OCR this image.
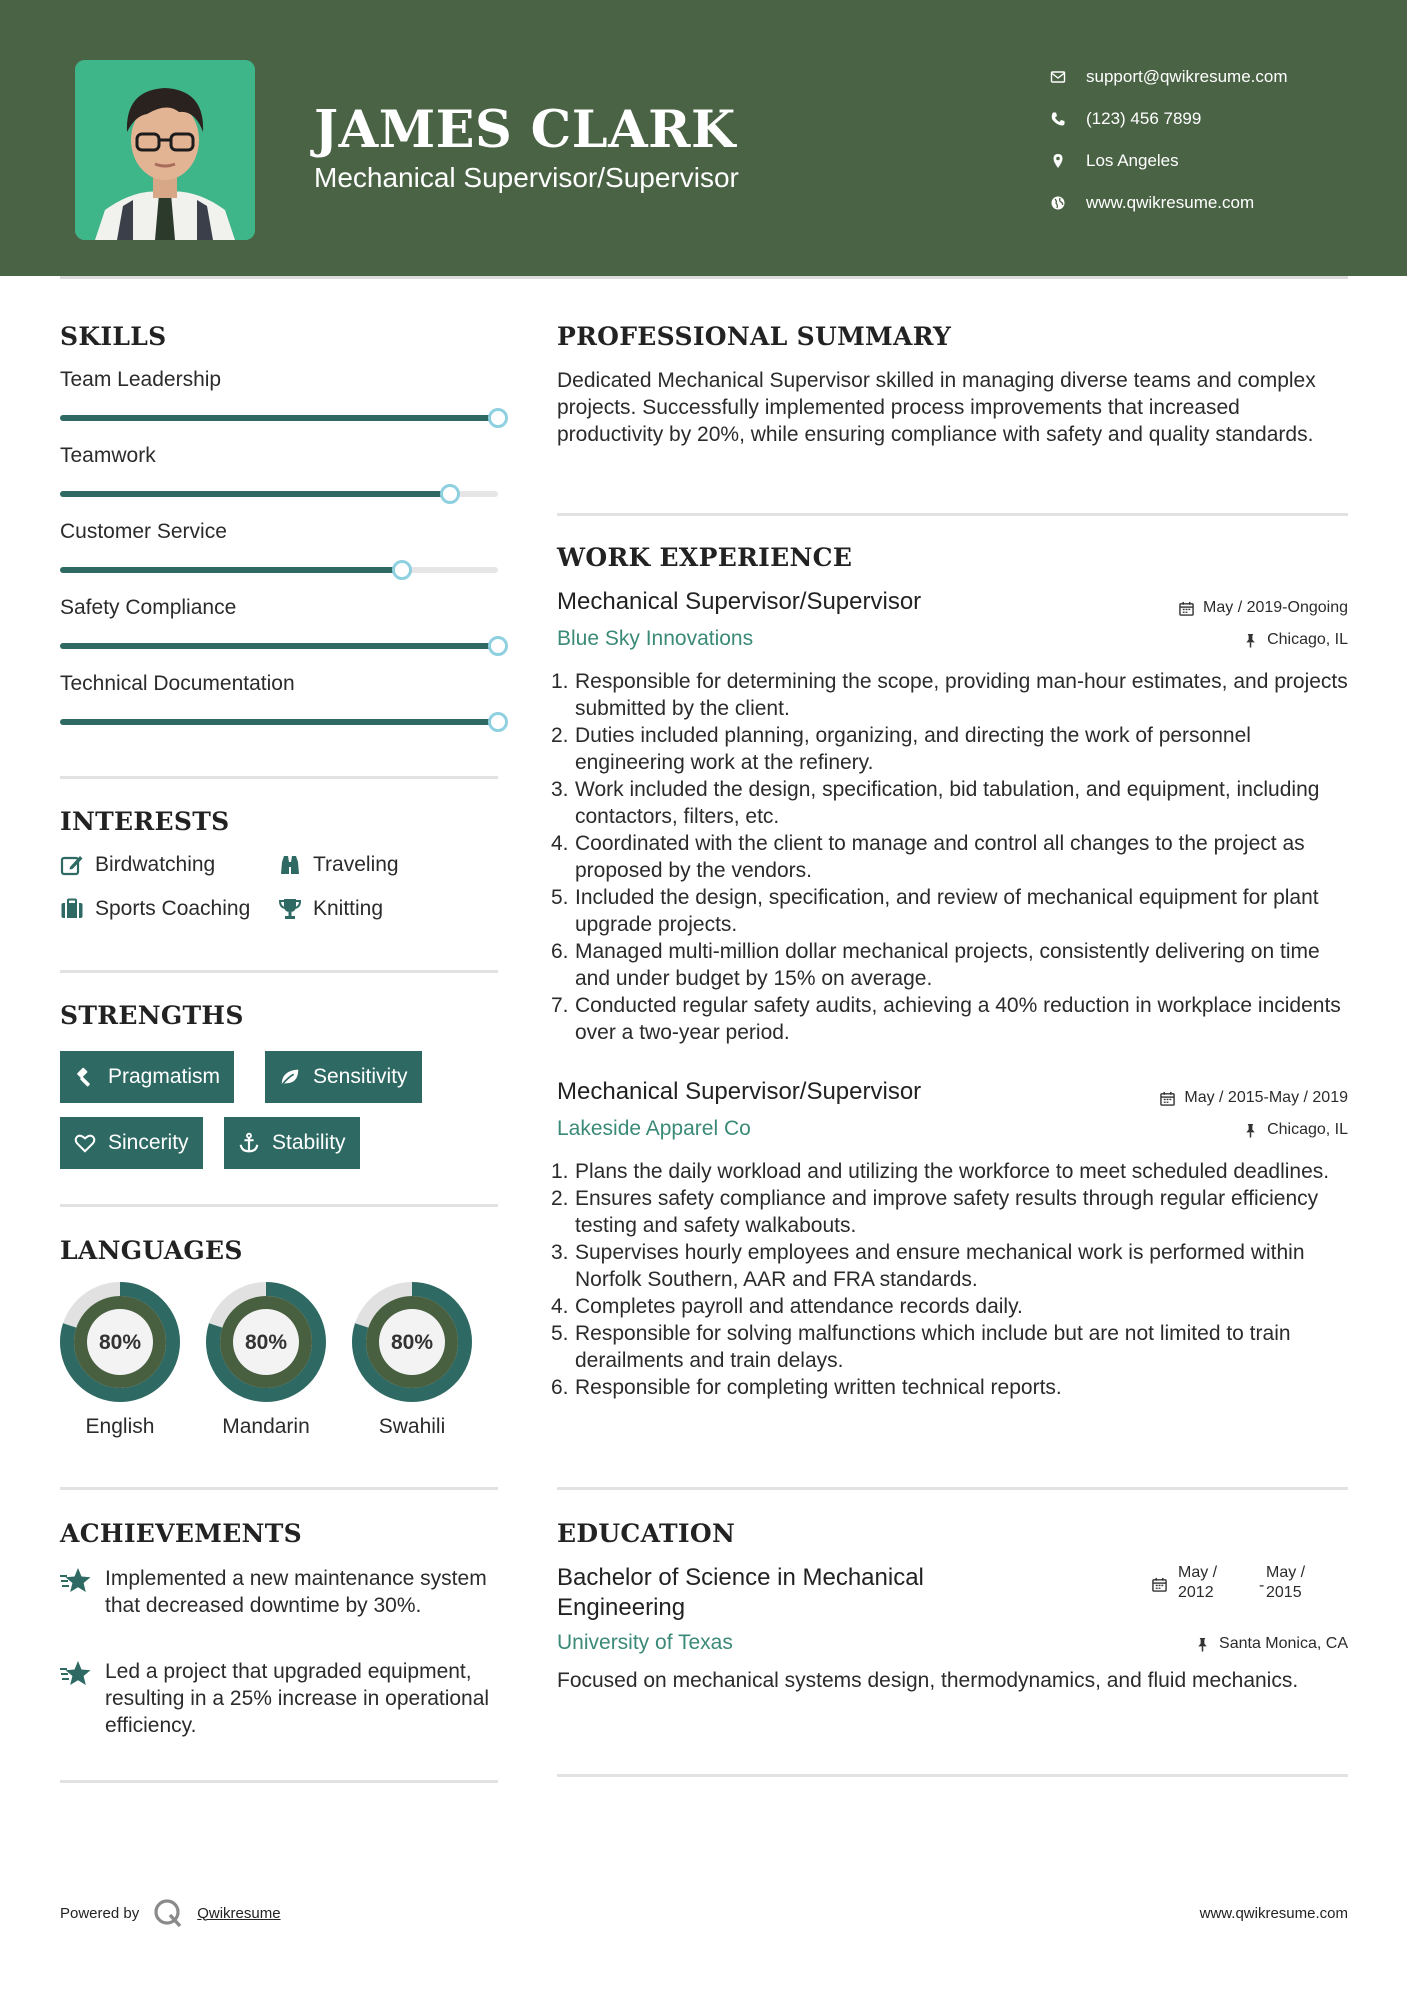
JAMES CLARK
Mechanical Supervisor/Supervisor
support@qwikresume.com
(123) 456 7899
Los Angeles
www.qwikresume.com
SKILLS
Team Leadership
Teamwork
Customer Service
Safety Compliance
Technical Documentation
INTERESTS
Birdwatching	Traveling
Sports Coaching	Knitting
STRENGTHS
Pragmatism	Sensitivity
Sincerity	Stability
LANGUAGES
80%
English
80%
Mandarin
80%
Swahili
ACHIEVEMENTS
Implemented a new maintenance system that decreased downtime by 30%.
Led a project that upgraded equipment, resulting in a 25% increase in operational efficiency.
PROFESSIONAL SUMMARY
Dedicated Mechanical Supervisor skilled in managing diverse teams and complex projects. Successfully implemented process improvements that increased productivity by 20%, while ensuring compliance with safety and quality standards.
WORK EXPERIENCE
Mechanical Supervisor/Supervisor	May / 2019-Ongoing
Blue Sky Innovations	Chicago, IL
1. Responsible for determining the scope, providing man-hour estimates, and projects submitted by the client.
2. Duties included planning, organizing, and directing the work of personnel engineering work at the refinery.
3. Work included the design, specification, bid tabulation, and equipment, including contactors, filters, etc.
4. Coordinated with the client to manage and control all changes to the project as proposed by the vendors.
5. Included the design, specification, and review of mechanical equipment for plant upgrade projects.
6. Managed multi-million dollar mechanical projects, consistently delivering on time and under budget by 15% on average.
7. Conducted regular safety audits, achieving a 40% reduction in workplace incidents over a two-year period.
Mechanical Supervisor/Supervisor	May / 2015-May / 2019
Lakeside Apparel Co	Chicago, IL
1. Plans the daily workload and utilizing the workforce to meet scheduled deadlines.
2. Ensures safety compliance and improve safety results through regular efficiency testing and safety walkabouts.
3. Supervises hourly employees and ensure mechanical work is performed within Norfolk Southern, AAR and FRA standards.
4. Completes payroll and attendance records daily.
5. Responsible for solving malfunctions which include but are not limited to train derailments and train delays.
6. Responsible for completing written technical reports.
EDUCATION
Bachelor of Science in Mechanical Engineering
May / 2012	-
May / 2015
University of Texas	Santa Monica, CA
Focused on mechanical systems design, thermodynamics, and fluid mechanics.
Powered by	Qwikresume	www.qwikresume.com
